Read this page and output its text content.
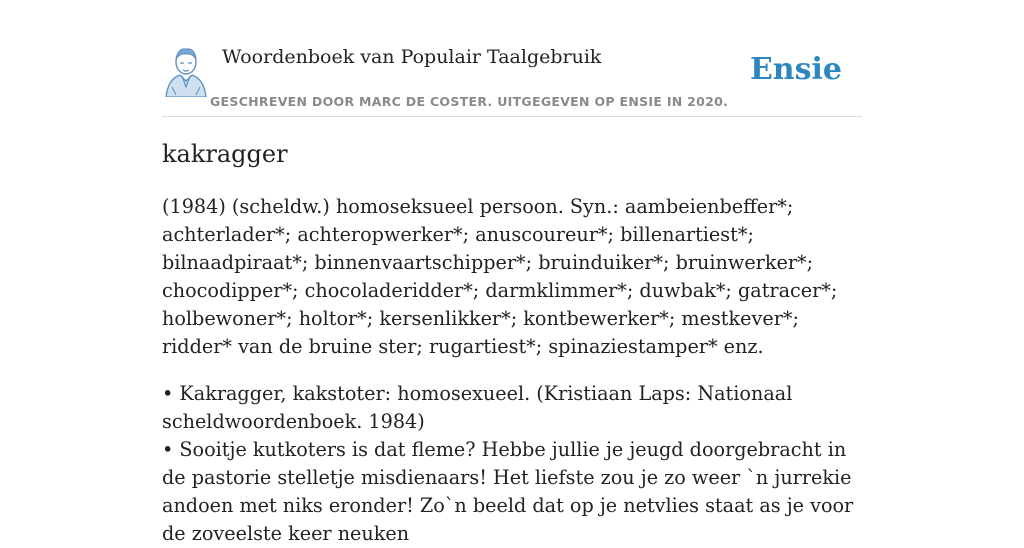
Woordenboek van Populair Taalgebruik
GESCHREVEN DOOR MARC DE COSTER. UITGEGEVEN OP ENSIE IN 2020.
Ensie
kakragger

(1984) (scheldw.) homoseksueel persoon. Syn.: aambeienbeffer*; achterlader*; achteropwerker*; anuscoureur*; billenartiest*; bilnaadpiraat*; binnenvaartschipper*; bruinduiker*; bruinwerker*; chocodipper*; chocoladeridder*; darmklimmer*; duwbak*; gatracer*; holbewoner*; holtor*; kersenlikker*; kontbewerker*; mestkever*; ridder* van de bruine ster; rugartiest*; spinaziestamper* enz.

• Kakragger, kakstoter: homosexueel. (Kristiaan Laps: Nationaal scheldwoordenboek. 1984)
• Sooitje kutkoters is dat fleme? Hebbe jullie je jeugd doorgebracht in de pastorie stelletje misdienaars! Het liefste zou je zo weer `n jurrekie andoen met niks eronder! Zo`n beeld dat op je netvlies staat as je voor de zoveelste keer neuken
